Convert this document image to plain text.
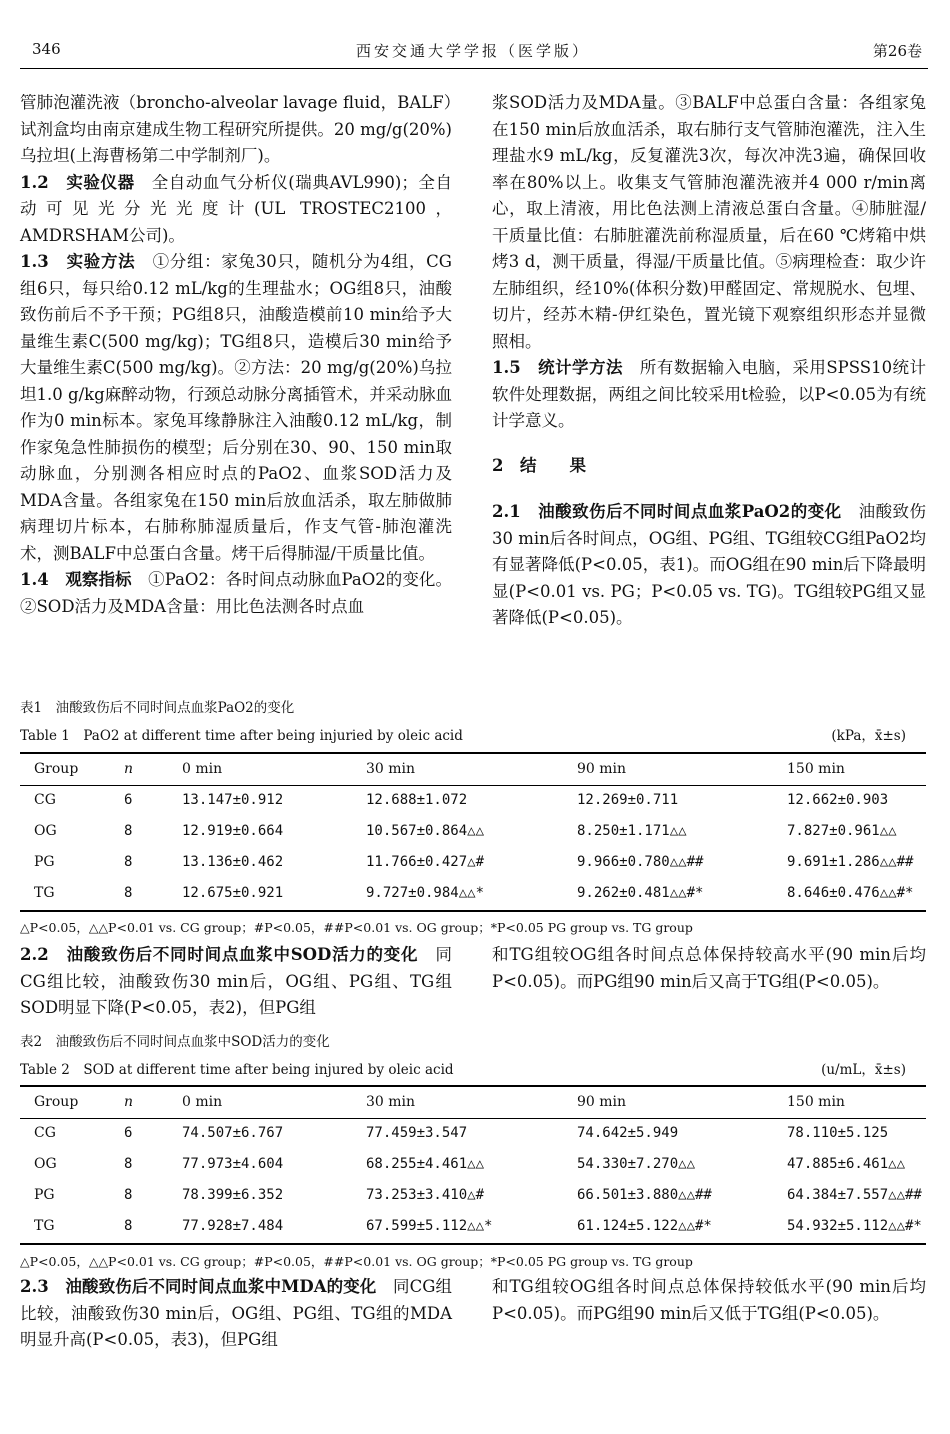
346	西安交通大学学报（医学版）	第26卷

管肺泡灌洗液（broncho-alveolar lavage fluid，BALF）试剂盒均由南京建成生物工程研究所提供。20 mg/g(20%)乌拉坦(上海曹杨第二中学制剂厂)。

1.2　实验仪器　全自动血气分析仪(瑞典AVL990)；全自动可见光分光光度计(UL TROSTEC2100，AMDRSHAM公司)。

1.3　实验方法　①分组：家兔30只，随机分为4组，CG组6只，每只给0.12 mL/kg的生理盐水；OG组8只，油酸致伤前后不予干预；PG组8只，油酸造模前10 min给予大量维生素C(500 mg/kg)；TG组8只，造模后30 min给予大量维生素C(500 mg/kg)。②方法：20 mg/g(20%)乌拉坦1.0 g/kg麻醉动物，行颈总动脉分离插管术，并采动脉血作为0 min标本。家兔耳缘静脉注入油酸0.12 mL/kg，制作家兔急性肺损伤的模型；后分别在30、90、150 min取动脉血，分别测各相应时点的PaO2、血浆SOD活力及MDA含量。各组家兔在150 min后放血活杀，取左肺做肺病理切片标本，右肺称肺湿质量后，作支气管-肺泡灌洗术，测BALF中总蛋白含量。烤干后得肺湿/干质量比值。

1.4　观察指标　①PaO2：各时间点动脉血PaO2的变化。②SOD活力及MDA含量：用比色法测各时点血

浆SOD活力及MDA量。③BALF中总蛋白含量：各组家兔在150 min后放血活杀，取右肺行支气管肺泡灌洗，注入生理盐水9 mL/kg，反复灌洗3次，每次冲洗3遍，确保回收率在80%以上。收集支气管肺泡灌洗液并4 000 r/min离心，取上清液，用比色法测上清液总蛋白含量。④肺脏湿/干质量比值：右肺脏灌洗前称湿质量，后在60 ℃烤箱中烘烤3 d，测干质量，得湿/干质量比值。⑤病理检查：取少许左肺组织，经10%(体积分数)甲醛固定、常规脱水、包埋、切片，经苏木精-伊红染色，置光镜下观察组织形态并显微照相。

1.5　统计学方法　所有数据输入电脑，采用SPSS10统计软件处理数据，两组之间比较采用t检验，以P<0.05为有统计学意义。

2　结　　果

2.1　油酸致伤后不同时间点血浆PaO2的变化　油酸致伤30 min后各时间点，OG组、PG组、TG组较CG组PaO2均有显著降低(P<0.05，表1)。而OG组在90 min后下降最明显(P<0.01 vs. PG；P<0.05 vs. TG)。TG组较PG组又显著降低(P<0.05)。

表1　油酸致伤后不同时间点血浆PaO2的变化
Table 1　PaO2 at different time after being injuried by oleic acid	(kPa，x̄±s)
Group	n	0 min	30 min	90 min	150 min
CG	6	13.147±0.912	12.688±1.072	12.269±0.711	12.662±0.903
OG	8	12.919±0.664	10.567±0.864△△	8.250±1.171△△	7.827±0.961△△
PG	8	13.136±0.462	11.766±0.427△#	9.966±0.780△△##	9.691±1.286△△##
TG	8	12.675±0.921	9.727±0.984△△*	9.262±0.481△△#*	8.646±0.476△△#*
△P<0.05，△△P<0.01 vs. CG group；#P<0.05，##P<0.01 vs. OG group；*P<0.05 PG group vs. TG group

2.2　油酸致伤后不同时间点血浆中SOD活力的变化　同CG组比较，油酸致伤30 min后，OG组、PG组、TG组SOD明显下降(P<0.05，表2)，但PG组

和TG组较OG组各时间点总体保持较高水平(90 min后均P<0.05)。而PG组90 min后又高于TG组(P<0.05)。

表2　油酸致伤后不同时间点血浆中SOD活力的变化
Table 2　SOD at different time after being injured by oleic acid	(u/mL，x̄±s)
Group	n	0 min	30 min	90 min	150 min
CG	6	74.507±6.767	77.459±3.547	74.642±5.949	78.110±5.125
OG	8	77.973±4.604	68.255±4.461△△	54.330±7.270△△	47.885±6.461△△
PG	8	78.399±6.352	73.253±3.410△#	66.501±3.880△△##	64.384±7.557△△##
TG	8	77.928±7.484	67.599±5.112△△*	61.124±5.122△△#*	54.932±5.112△△#*
△P<0.05，△△P<0.01 vs. CG group；#P<0.05，##P<0.01 vs. OG group；*P<0.05 PG group vs. TG group

2.3　油酸致伤后不同时间点血浆中MDA的变化　同CG组比较，油酸致伤30 min后，OG组、PG组、TG组的MDA明显升高(P<0.05，表3)，但PG组

和TG组较OG组各时间点总体保持较低水平(90 min后均P<0.05)。而PG组90 min后又低于TG组(P<0.05)。
